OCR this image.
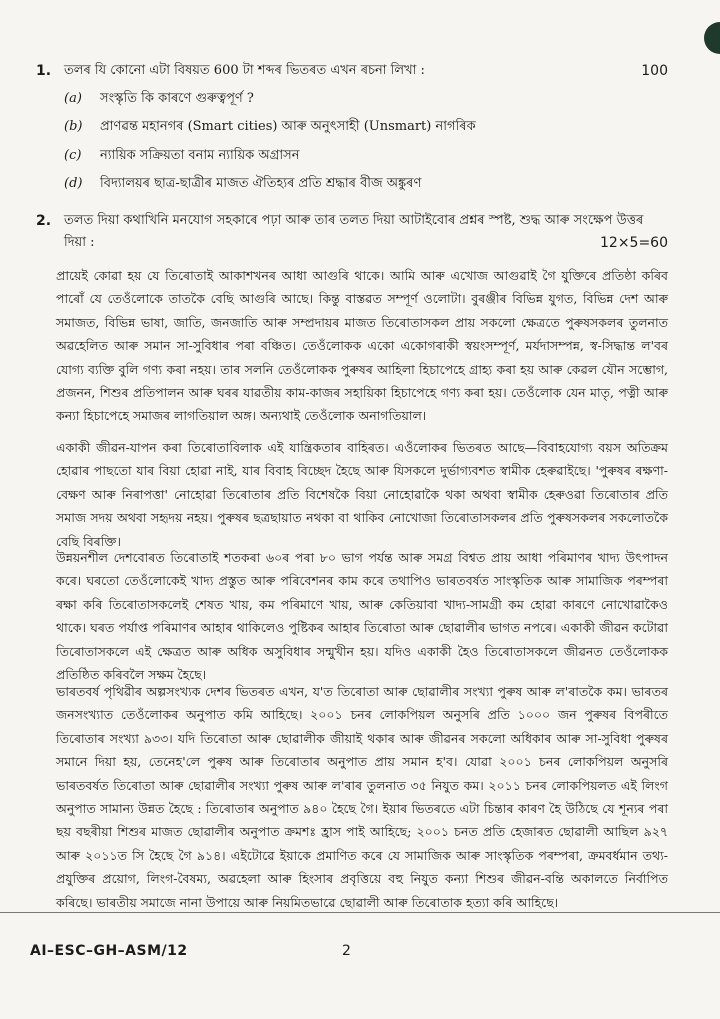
1. তলৰ যি কোনো এটা বিষয়ত 600 টা শব্দৰ ভিতৰত এখন ৰচনা লিখা :	100
(a) সংস্কৃতি কি কাৰণে গুৰুত্বপূৰ্ণ ?
(b) প্ৰাণৱন্ত মহানগৰ (Smart cities) আৰু অনুৎসাহী (Unsmart) নাগৰিক
(c) ন্যায়িক সক্ৰিয়তা বনাম ন্যায়িক অগ্ৰাসন
(d) বিদ্যালয়ৰ ছাত্ৰ-ছাত্ৰীৰ মাজত ঐতিহ্যৰ প্ৰতি শ্ৰদ্ধাৰ বীজ অঙ্কুৰণ
2. তলত দিয়া কথাখিনি মনযোগ সহকাৰে পঢ়া আৰু তাৰ তলত দিয়া আটাইবোৰ প্ৰশ্নৰ স্পষ্ট, শুদ্ধ আৰু সংক্ষেপ উত্তৰ দিয়া :	12×5=60

প্ৰায়েই কোৱা হয় যে তিৰোতাই আকাশখনৰ আধা আগুৰি থাকে। আমি আৰু এখোজ আগুৱাই গৈ যুক্তিৰে প্ৰতিষ্ঠা কৰিব পাৰোঁ যে তেওঁলোকে তাতকৈ বেছি আগুৰি আছে। কিন্তু বাস্তৱত সম্পূৰ্ণ ওলোটা। বুৰঞ্জীৰ বিভিন্ন যুগত, বিভিন্ন দেশ আৰু সমাজত, বিভিন্ন ভাষা, জাতি, জনজাতি আৰু সম্প্ৰদায়ৰ মাজত তিৰোতাসকল প্ৰায় সকলো ক্ষেত্ৰতে পুৰুষসকলৰ তুলনাত অৱহেলিত আৰু সমান সা-সুবিধাৰ পৰা বঞ্চিত। তেওঁলোকক একো একোগৰাকী স্বয়ংসম্পূৰ্ণ, মৰ্যদাসম্পন্ন, স্ব-সিদ্ধান্ত ল'বৰ যোগ্য ব্যক্তি বুলি গণ্য কৰা নহয়। তাৰ সলনি তেওঁলোকক পুৰুষৰ আহিলা হিচাপেহে গ্ৰাহ্য কৰা হয় আৰু কেৱল যৌন সম্ভোগ, প্ৰজনন, শিশুৰ প্ৰতিপালন আৰু ঘৰৰ যাৱতীয় কাম-কাজৰ সহায়িকা হিচাপেহে গণ্য কৰা হয়। তেওঁলোক যেন মাতৃ, পত্নী আৰু কন্যা হিচাপেহে সমাজৰ লাগতিয়াল অঙ্গ। অন্যথাই তেওঁলোক অনাগতিয়াল।

একাকী জীৱন-যাপন কৰা তিৰোতাবিলাক এই যান্ত্ৰিকতাৰ বাহিৰত। এওঁলোকৰ ভিতৰত আছে—বিবাহযোগ্য বয়স অতিক্ৰম হোৱাৰ পাছতো যাৰ বিয়া হোৱা নাই, যাৰ বিবাহ বিচ্ছেদ হৈছে আৰু যিসকলে দুৰ্ভাগ্যবশত স্বামীক হেৰুৱাইছে। 'পুৰুষৰ ৰক্ষণা-বেক্ষণ আৰু নিৰাপত্তা' নোহোৱা তিৰোতাৰ প্ৰতি বিশেষকৈ বিয়া নোহোৱাকৈ থকা অথবা স্বামীক হেৰুওৱা তিৰোতাৰ প্ৰতি সমাজ সদয় অথবা সহৃদয় নহয়। পুৰুষৰ ছত্ৰছায়াত নথকা বা থাকিব নোখোজা তিৰোতাসকলৰ প্ৰতি পুৰুষসকলৰ সকলোতকৈ বেছি বিৰক্তি।

উন্নয়নশীল দেশবোৰত তিৰোতাই শতকৰা ৬০ৰ পৰা ৮০ ভাগ পৰ্যন্ত আৰু সমগ্ৰ বিশ্বত প্ৰায় আধা পৰিমাণৰ খাদ্য উৎপাদন কৰে। ঘৰতো তেওঁলোকেই খাদ্য প্ৰস্তুত আৰু পৰিবেশনৰ কাম কৰে তথাপিও ভাৰতবৰ্ষত সাংস্কৃতিক আৰু সামাজিক পৰম্পৰা ৰক্ষা কৰি তিৰোতাসকলেই শেষত খায়, কম পৰিমাণে খায়, আৰু কেতিয়াবা খাদ্য-সামগ্ৰী কম হোৱা কাৰণে নোখোৱাকৈও থাকে। ঘৰত পৰ্যাপ্ত পৰিমাণৰ আহাৰ থাকিলেও পুষ্টিকৰ আহাৰ তিৰোতা আৰু ছোৱালীৰ ভাগত নপৰে। একাকী জীৱন কটোৱা তিৰোতাসকলে এই ক্ষেত্ৰত আৰু অধিক অসুবিধাৰ সন্মুখীন হয়। যদিও একাকী হৈও তিৰোতাসকলে জীৱনত তেওঁলোকক প্ৰতিষ্ঠিত কৰিবলৈ সক্ষম হৈছে।

ভাৰতবৰ্ষ পৃথিৱীৰ অল্পসংখ্যক দেশৰ ভিতৰত এখন, য'ত তিৰোতা আৰু ছোৱালীৰ সংখ্যা পুৰুষ আৰু ল'ৰাতকৈ কম। ভাৰতৰ জনসংখ্যাত তেওঁলোকৰ অনুপাত কমি আহিছে। ২০০১ চনৰ লোকপিয়ল অনুসৰি প্ৰতি ১০০০ জন পুৰুষৰ বিপৰীতে তিৰোতাৰ সংখ্যা ৯৩৩। যদি তিৰোতা আৰু ছোৱালীক জীয়াই থকাৰ আৰু জীৱনৰ সকলো অধিকাৰ আৰু সা-সুবিধা পুৰুষৰ সমানে দিয়া হয়, তেনেহ'লে পুৰুষ আৰু তিৰোতাৰ অনুপাত প্ৰায় সমান হ'ব। যোৱা ২০০১ চনৰ লোকপিয়ল অনুসৰি ভাৰতবৰ্ষত তিৰোতা আৰু ছোৱালীৰ সংখ্যা পুৰুষ আৰু ল'ৰাৰ তুলনাত ৩৫ নিযুত কম। ২০১১ চনৰ লোকপিয়লত এই লিংগ অনুপাত সামান্য উন্নত হৈছে : তিৰোতাৰ অনুপাত ৯৪০ হৈছে গৈ। ইয়াৰ ভিতৰতে এটা চিন্তাৰ কাৰণ হৈ উঠিছে যে শূন্যৰ পৰা ছয় বছৰীয়া শিশুৰ মাজত ছোৱালীৰ অনুপাত ক্ৰমশঃ হ্ৰাস পাই আহিছে; ২০০১ চনত প্ৰতি হেজাৰত ছোৱালী আছিল ৯২৭ আৰু ২০১১ত সি হৈছে গৈ ৯১৪। এইটোৱে ইয়াকে প্ৰমাণিত কৰে যে সামাজিক আৰু সাংস্কৃতিক পৰম্পৰা, ক্ৰমবৰ্ধমান তথ্য-প্ৰযুক্তিৰ প্ৰয়োগ, লিংগ-বৈষম্য, অৱহেলা আৰু হিংসাৰ প্ৰবৃত্তিয়ে বহু নিযুত কন্যা শিশুৰ জীৱন-বন্তি অকালতে নিৰ্বাপিত কৰিছে। ভাৰতীয় সমাজে নানা উপায়ে আৰু নিয়মিতভাৱে ছোৱালী আৰু তিৰোতাক হত্যা কৰি আহিছে।

AI–ESC–GH–ASM/12	2
